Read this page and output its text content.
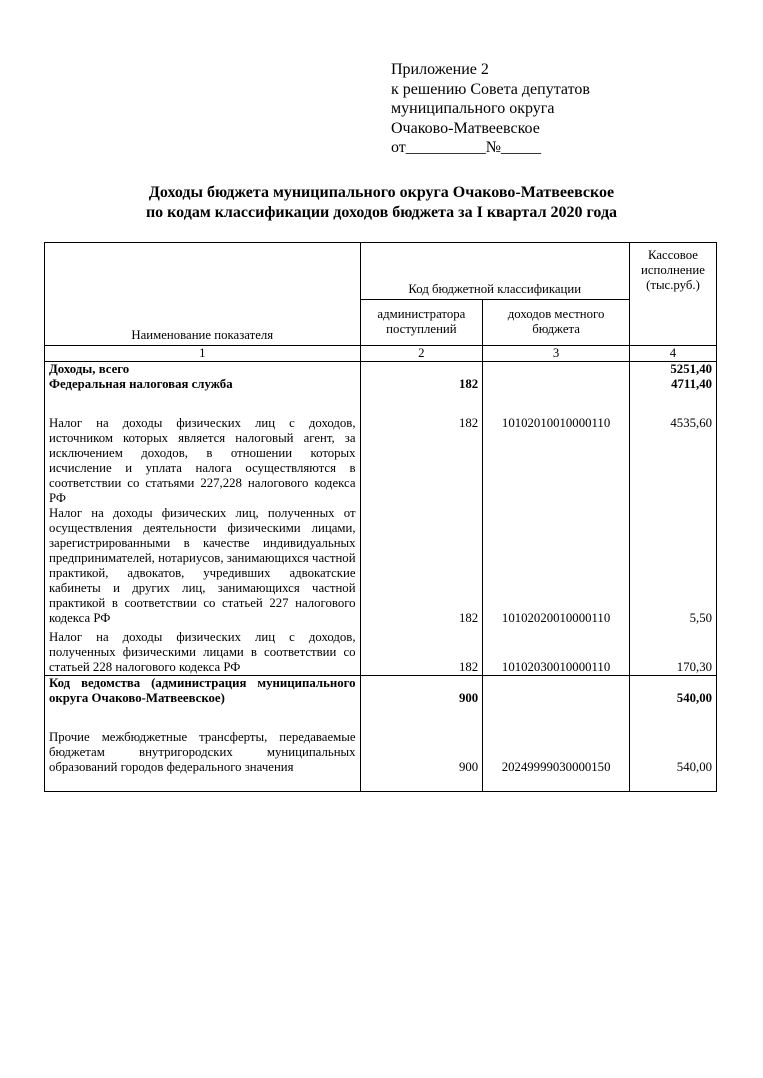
Приложение 2
к решению Совета депутатов
муниципального округа
Очаково-Матвеевское
от__________№_____
Доходы бюджета муниципального округа Очаково-Матвеевское
по кодам классификации доходов бюджета за I квартал 2020 года
Наименование показателя	Код бюджетной классификации		Кассовое исполнение (тыс.руб.)
	администратора поступлений	доходов местного бюджета	
1	2	3	4
Доходы, всего			5251,40
Федеральная налоговая служба	182		4711,40

Налог на доходы физических лиц с доходов, источником которых является налоговый агент, за исключением доходов, в отношении которых исчисление и уплата налога осуществляются в соответствии со статьями 227,228 налогового кодекса РФ	182	10102010010000110	4535,60
Налог на доходы физических лиц, полученных от осуществления деятельности физическими лицами, зарегистрированными в качестве индивидуальных предпринимателей, нотариусов, занимающихся частной практикой, адвокатов, учредивших адвокатские кабинеты и других лиц, занимающихся частной практикой в соответствии со статьей 227 налогового кодекса РФ	182	10102020010000110	5,50
Налог на доходы физических лиц с доходов, полученных физическими лицами в соответствии со статьей 228 налогового кодекса РФ	182	10102030010000110	170,30
Код ведомства (администрация муниципального округа Очаково-Матвеевское)	900		540,00

Прочие межбюджетные трансферты, передаваемые бюджетам внутригородских муниципальных образований городов федерального значения	900	20249999030000150	540,00
